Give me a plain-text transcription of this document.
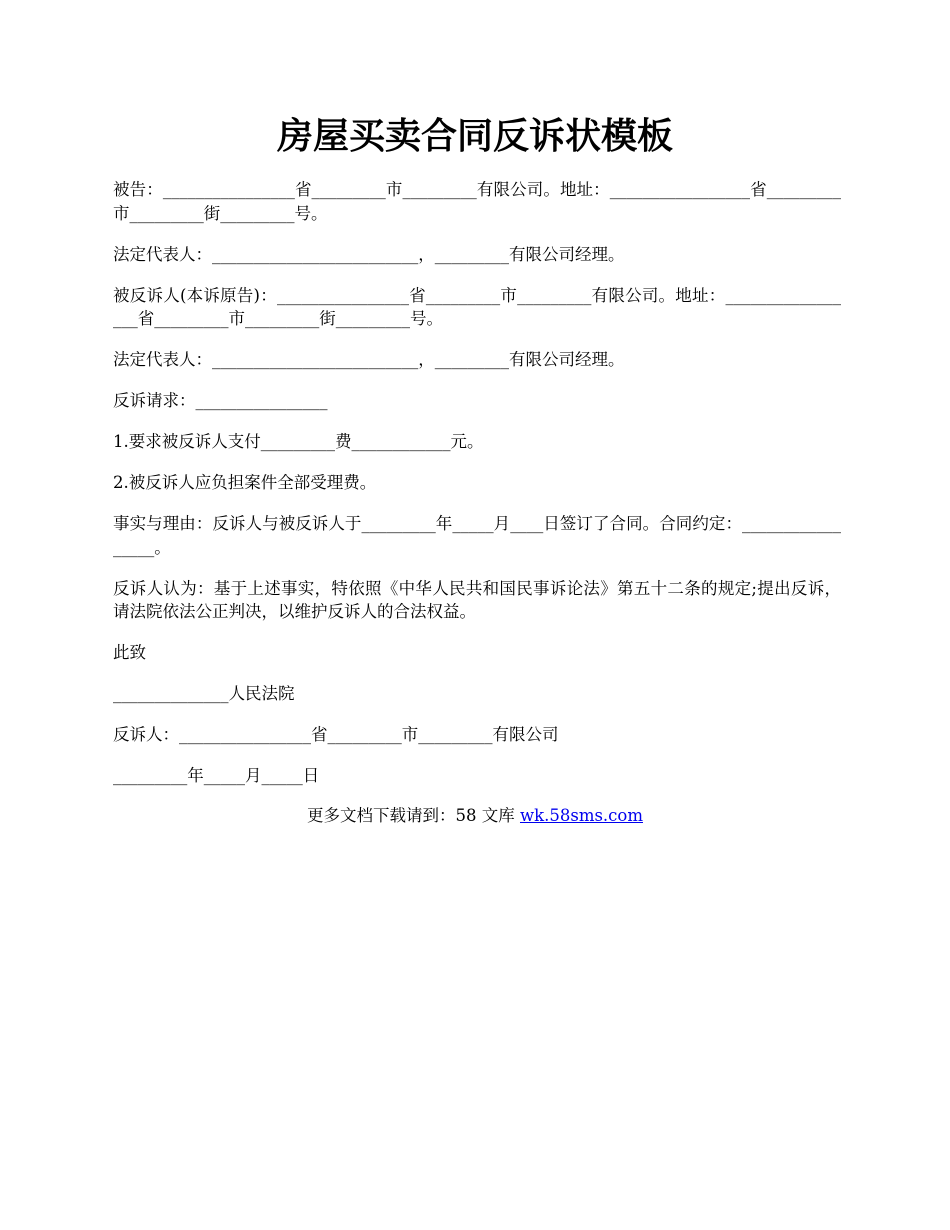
房屋买卖合同反诉状模板

被告：________________省_________市_________有限公司。地址：_________________省_________市_________街_________号。

法定代表人：_________________________，_________有限公司经理。

被反诉人(本诉原告)：________________省_________市_________有限公司。地址：_________________省_________市_________街_________号。

法定代表人：_________________________，_________有限公司经理。

反诉请求：________________

1.要求被反诉人支付_________费____________元。

2.被反诉人应负担案件全部受理费。

事实与理由：反诉人与被反诉人于_________年_____月____日签订了合同。合同约定：_________________。

反诉人认为：基于上述事实，特依照《中华人民共和国民事诉论法》第五十二条的规定;提出反诉，请法院依法公正判决，以维护反诉人的合法权益。

此致

______________人民法院

反诉人：________________省_________市_________有限公司

_________年_____月_____日

更多文档下载请到：58 文库 wk.58sms.com
